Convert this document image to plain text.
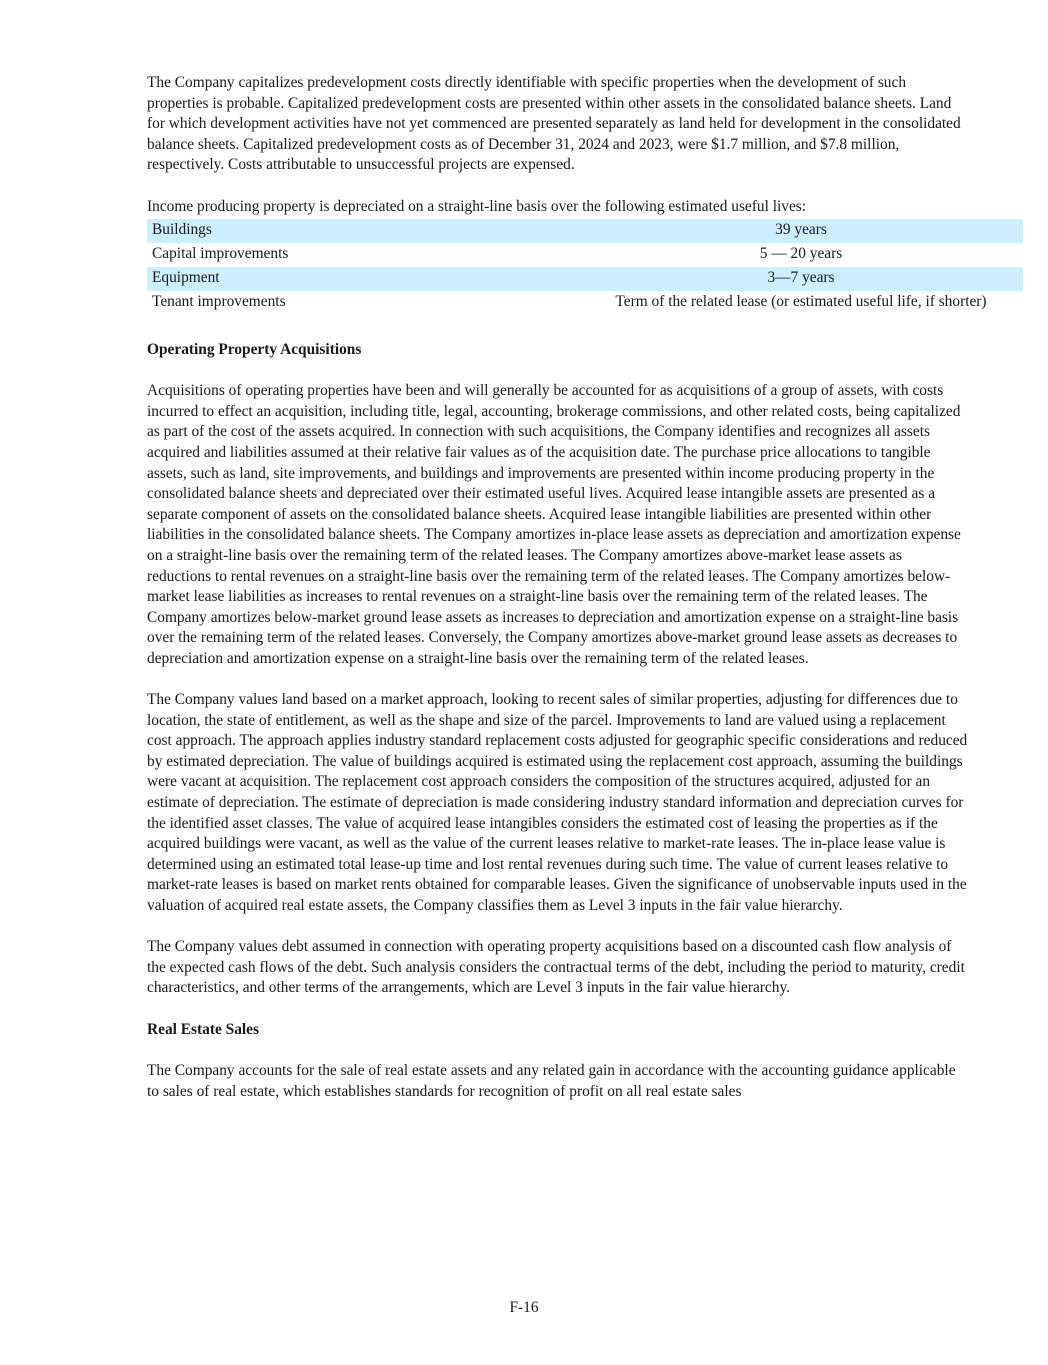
The Company capitalizes predevelopment costs directly identifiable with specific properties when the development of such properties is probable. Capitalized predevelopment costs are presented within other assets in the consolidated balance sheets. Land for which development activities have not yet commenced are presented separately as land held for development in the consolidated balance sheets. Capitalized predevelopment costs as of December 31, 2024 and 2023, were $1.7 million, and $7.8 million, respectively. Costs attributable to unsuccessful projects are expensed.

Income producing property is depreciated on a straight-line basis over the following estimated useful lives:

Buildings	39 years
Capital improvements	5 — 20 years
Equipment	3—7 years
Tenant improvements	Term of the related lease (or estimated useful life, if shorter)

Operating Property Acquisitions

Acquisitions of operating properties have been and will generally be accounted for as acquisitions of a group of assets, with costs incurred to effect an acquisition, including title, legal, accounting, brokerage commissions, and other related costs, being capitalized as part of the cost of the assets acquired. In connection with such acquisitions, the Company identifies and recognizes all assets acquired and liabilities assumed at their relative fair values as of the acquisition date. The purchase price allocations to tangible assets, such as land, site improvements, and buildings and improvements are presented within income producing property in the consolidated balance sheets and depreciated over their estimated useful lives. Acquired lease intangible assets are presented as a separate component of assets on the consolidated balance sheets. Acquired lease intangible liabilities are presented within other liabilities in the consolidated balance sheets. The Company amortizes in-place lease assets as depreciation and amortization expense on a straight-line basis over the remaining term of the related leases. The Company amortizes above-market lease assets as reductions to rental revenues on a straight-line basis over the remaining term of the related leases. The Company amortizes below-market lease liabilities as increases to rental revenues on a straight-line basis over the remaining term of the related leases. The Company amortizes below-market ground lease assets as increases to depreciation and amortization expense on a straight-line basis over the remaining term of the related leases. Conversely, the Company amortizes above-market ground lease assets as decreases to depreciation and amortization expense on a straight-line basis over the remaining term of the related leases.

The Company values land based on a market approach, looking to recent sales of similar properties, adjusting for differences due to location, the state of entitlement, as well as the shape and size of the parcel. Improvements to land are valued using a replacement cost approach. The approach applies industry standard replacement costs adjusted for geographic specific considerations and reduced by estimated depreciation. The value of buildings acquired is estimated using the replacement cost approach, assuming the buildings were vacant at acquisition. The replacement cost approach considers the composition of the structures acquired, adjusted for an estimate of depreciation. The estimate of depreciation is made considering industry standard information and depreciation curves for the identified asset classes. The value of acquired lease intangibles considers the estimated cost of leasing the properties as if the acquired buildings were vacant, as well as the value of the current leases relative to market-rate leases. The in-place lease value is determined using an estimated total lease-up time and lost rental revenues during such time. The value of current leases relative to market-rate leases is based on market rents obtained for comparable leases. Given the significance of unobservable inputs used in the valuation of acquired real estate assets, the Company classifies them as Level 3 inputs in the fair value hierarchy.

The Company values debt assumed in connection with operating property acquisitions based on a discounted cash flow analysis of the expected cash flows of the debt. Such analysis considers the contractual terms of the debt, including the period to maturity, credit characteristics, and other terms of the arrangements, which are Level 3 inputs in the fair value hierarchy.

Real Estate Sales

The Company accounts for the sale of real estate assets and any related gain in accordance with the accounting guidance applicable to sales of real estate, which establishes standards for recognition of profit on all real estate sales

F-16
